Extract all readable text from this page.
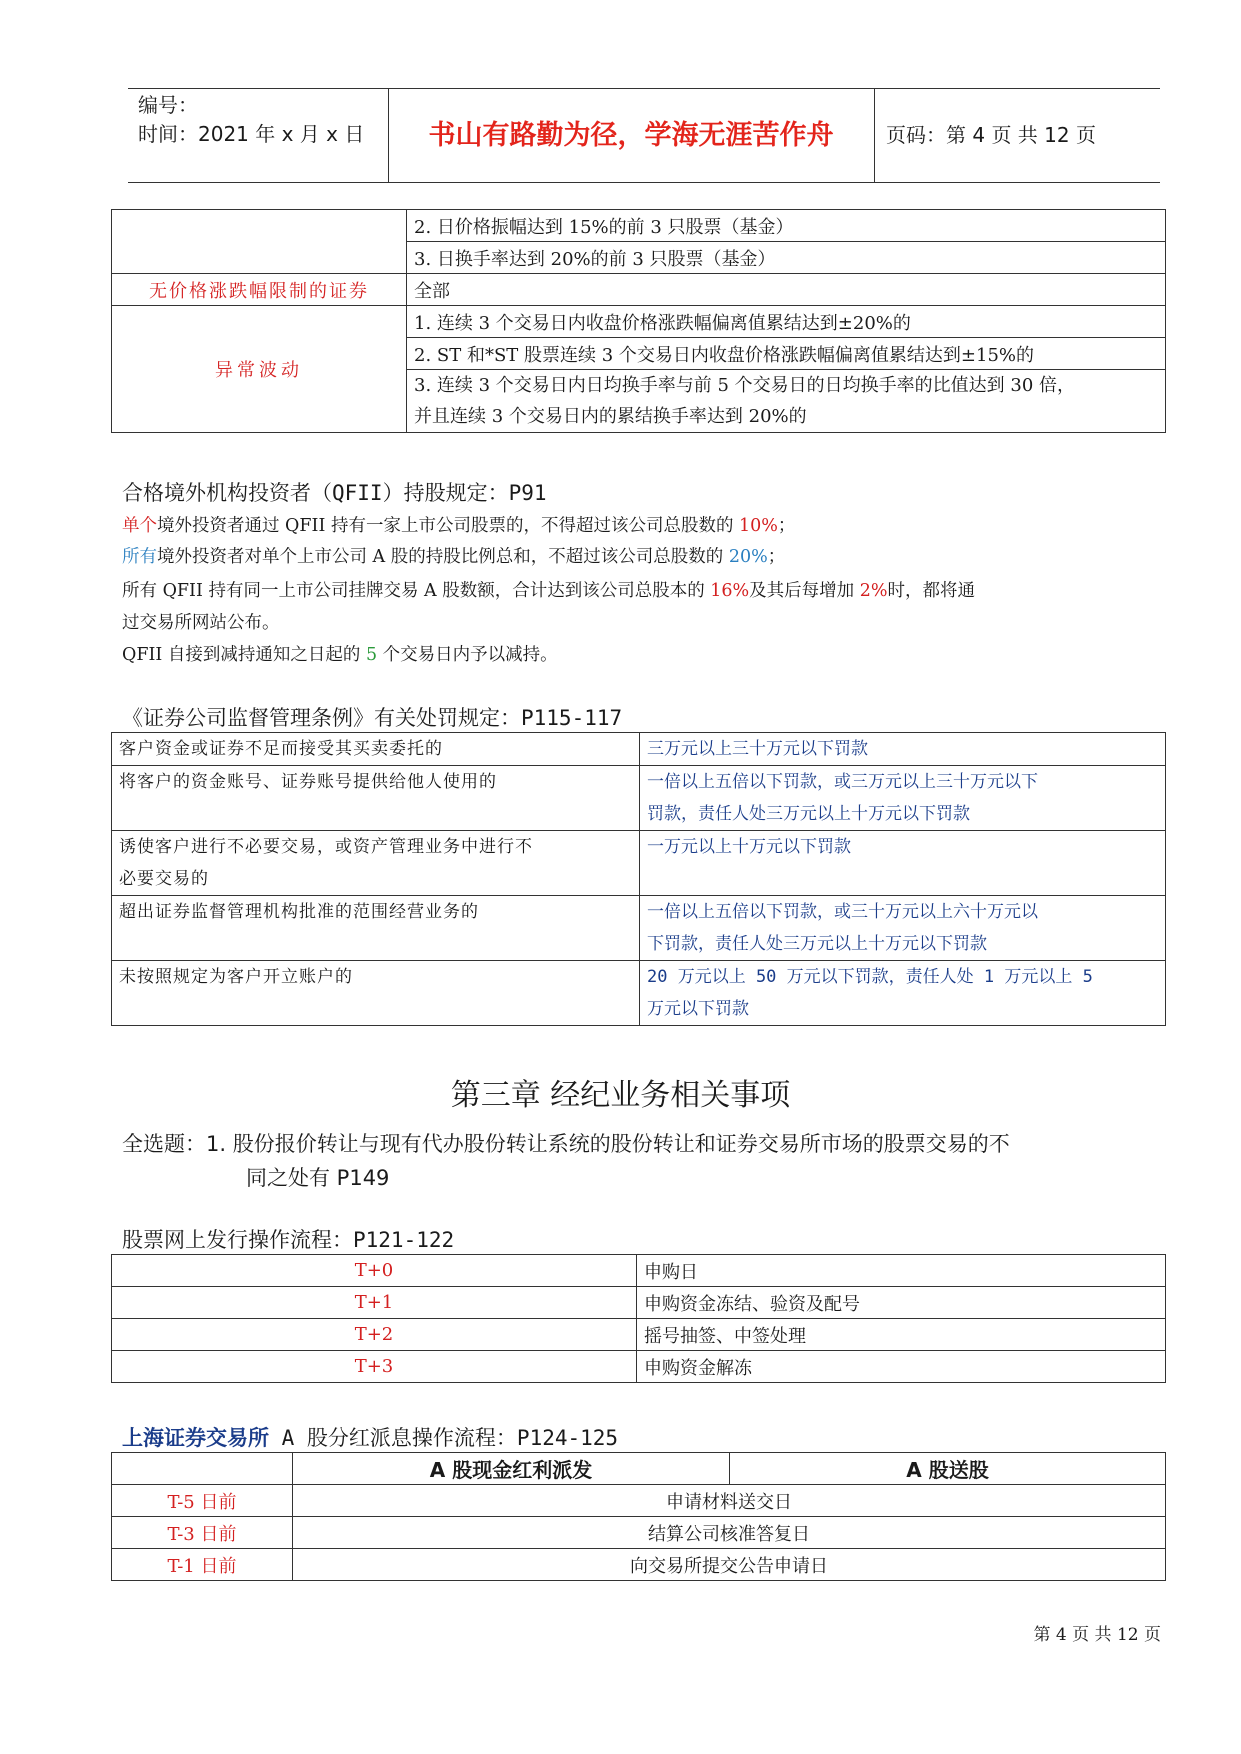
编号：
时间：2021 年 x 月 x 日	书山有路勤为径，学海无涯苦作舟	页码：第 4 页 共 12 页
	2. 日价格振幅达到 15%的前 3 只股票（基金）
	3. 日换手率达到 20%的前 3 只股票（基金）
无价格涨跌幅限制的证券	全部
异常波动	1. 连续 3 个交易日内收盘价格涨跌幅偏离值累结达到±20%的
	2. ST 和*ST 股票连续 3 个交易日内收盘价格涨跌幅偏离值累结达到±15%的

	3. 连续 3 个交易日内日均换手率与前 5 个交易日的日均换手率的比值达到 30 倍，
并且连续 3 个交易日内的累结换手率达到 20%的
合格境外机构投资者（QFII）持股规定：P91
单个境外投资者通过 QFII 持有一家上市公司股票的，不得超过该公司总股数的 10%；
所有境外投资者对单个上市公司 A 股的持股比例总和，不超过该公司总股数的 20%；
所有 QFII 持有同一上市公司挂牌交易 A 股数额，合计达到该公司总股本的 16%及其后每增加 2%时，都将通
过交易所网站公布。
QFII 自接到减持通知之日起的 5 个交易日内予以减持。
《证券公司监督管理条例》有关处罚规定：P115-117
客户资金或证券不足而接受其买卖委托的	三万元以上三十万元以下罚款

将客户的资金账号、证券账号提供给他人使用的	一倍以上五倍以下罚款，或三万元以上三十万元以下
罚款，责任人处三万元以上十万元以下罚款

诱使客户进行不必要交易，或资产管理业务中进行不
必要交易的	一万元以上十万元以下罚款

超出证券监督管理机构批准的范围经营业务的	一倍以上五倍以下罚款，或三十万元以上六十万元以
下罚款，责任人处三万元以上十万元以下罚款

未按照规定为客户开立账户的	20 万元以上 50 万元以下罚款，责任人处 1 万元以上 5
万元以下罚款
第三章 经纪业务相关事项
全选题：1. 股份报价转让与现有代办股份转让系统的股份转让和证券交易所市场的股票交易的不
同之处有 P149
股票网上发行操作流程：P121-122
T+0	申购日
T+1	申购资金冻结、验资及配号
T+2	摇号抽签、中签处理
T+3	申购资金解冻
上海证券交易所 A 股分红派息操作流程：P124-125
	A 股现金红利派发	A 股送股
T-5 日前	申请材料送交日	
T-3 日前	结算公司核准答复日	
T-1 日前	向交易所提交公告申请日	
第 4 页 共 12 页
